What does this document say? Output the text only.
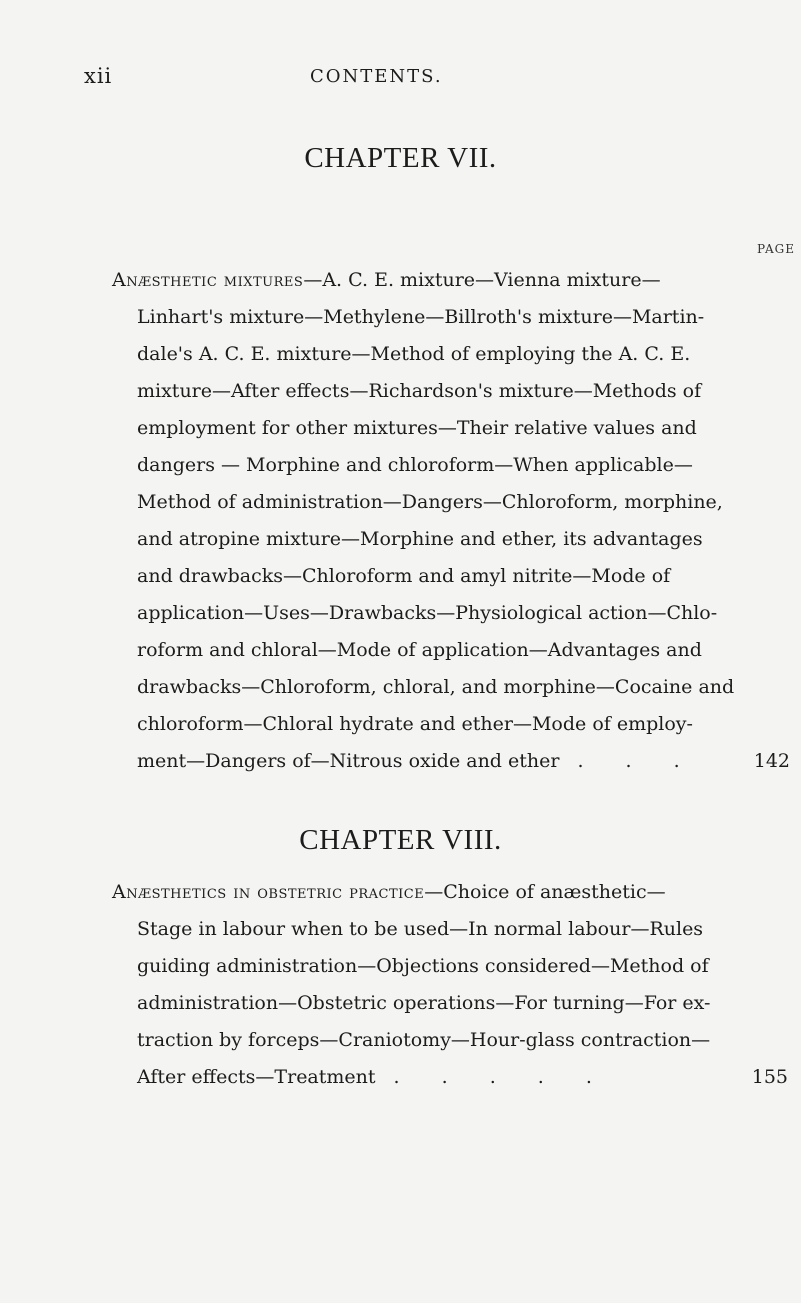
xii	CONTENTS.
CHAPTER VII.
PAGE
Anæsthetic mixtures—A. C. E. mixture—Vienna mixture—
Linhart's mixture—Methylene—Billroth's mixture—Martin-
dale's A. C. E. mixture—Method of employing the A. C. E.
mixture—After effects—Richardson's mixture—Methods of
employment for other mixtures—Their relative values and
dangers — Morphine and chloroform—When applicable—
Method of administration—Dangers—Chloroform, morphine,
and atropine mixture—Morphine and ether, its advantages
and drawbacks—Chloroform and amyl nitrite—Mode of
application—Uses—Drawbacks—Physiological action—Chlo-
roform and chloral—Mode of application—Advantages and
drawbacks—Chloroform, chloral, and morphine—Cocaine and
chloroform—Chloral hydrate and ether—Mode of employ-
ment—Dangers of—Nitrous oxide and ether . . .	142
CHAPTER VIII.
Anæsthetics in obstetric practice—Choice of anæsthetic—
Stage in labour when to be used—In normal labour—Rules
guiding administration—Objections considered—Method of
administration—Obstetric operations—For turning—For ex-
traction by forceps—Craniotomy—Hour-glass contraction—
After effects—Treatment . . . . .	155
